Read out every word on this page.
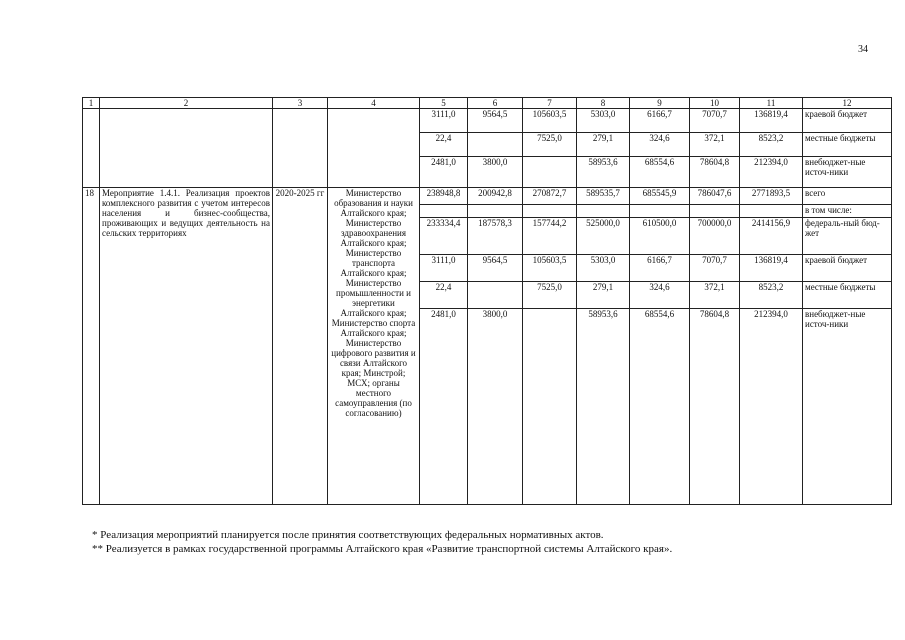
34
1	2	3	4	5	6	7	8	9	10	11	12
				3111,0	9564,5	105603,5	5303,0	6166,7	7070,7	136819,4	краевой бюджет
				22,4		7525,0	279,1	324,6	372,1	8523,2	местные бюджеты
				2481,0	3800,0		58953,6	68554,6	78604,8	212394,0	внебюджет-ные источ-ники
18	Мероприятие 1.4.1. Реализация проектов комплексного развития с учетом интересов населения и бизнес-сообщества, проживающих и ведущих деятельность на сельских территориях	2020-2025 гг	Министерство образования и науки Алтайского края; Министерство здравоохранения Алтайского края; Министерство транспорта Алтайского края; Министерство промышленности и энергетики Алтайского края; Министерство спорта Алтайского края; Министерство цифрового развития и связи Алтайского края; Минстрой; МСХ; органы местного самоуправления (по согласованию)	238948,8	200942,8	270872,7	589535,7	685545,9	786047,6	2771893,5	всего
											в том числе:
				233334,4	187578,3	157744,2	525000,0	610500,0	700000,0	2414156,9	федераль-ный бюд-жет
				3111,0	9564,5	105603,5	5303,0	6166,7	7070,7	136819,4	краевой бюджет
				22,4		7525,0	279,1	324,6	372,1	8523,2	местные бюджеты
				2481,0	3800,0		58953,6	68554,6	78604,8	212394,0	внебюджет-ные источ-ники
* Реализация мероприятий планируется после принятия соответствующих федеральных нормативных актов.
** Реализуется в рамках государственной программы Алтайского края «Развитие транспортной системы Алтайского края».
